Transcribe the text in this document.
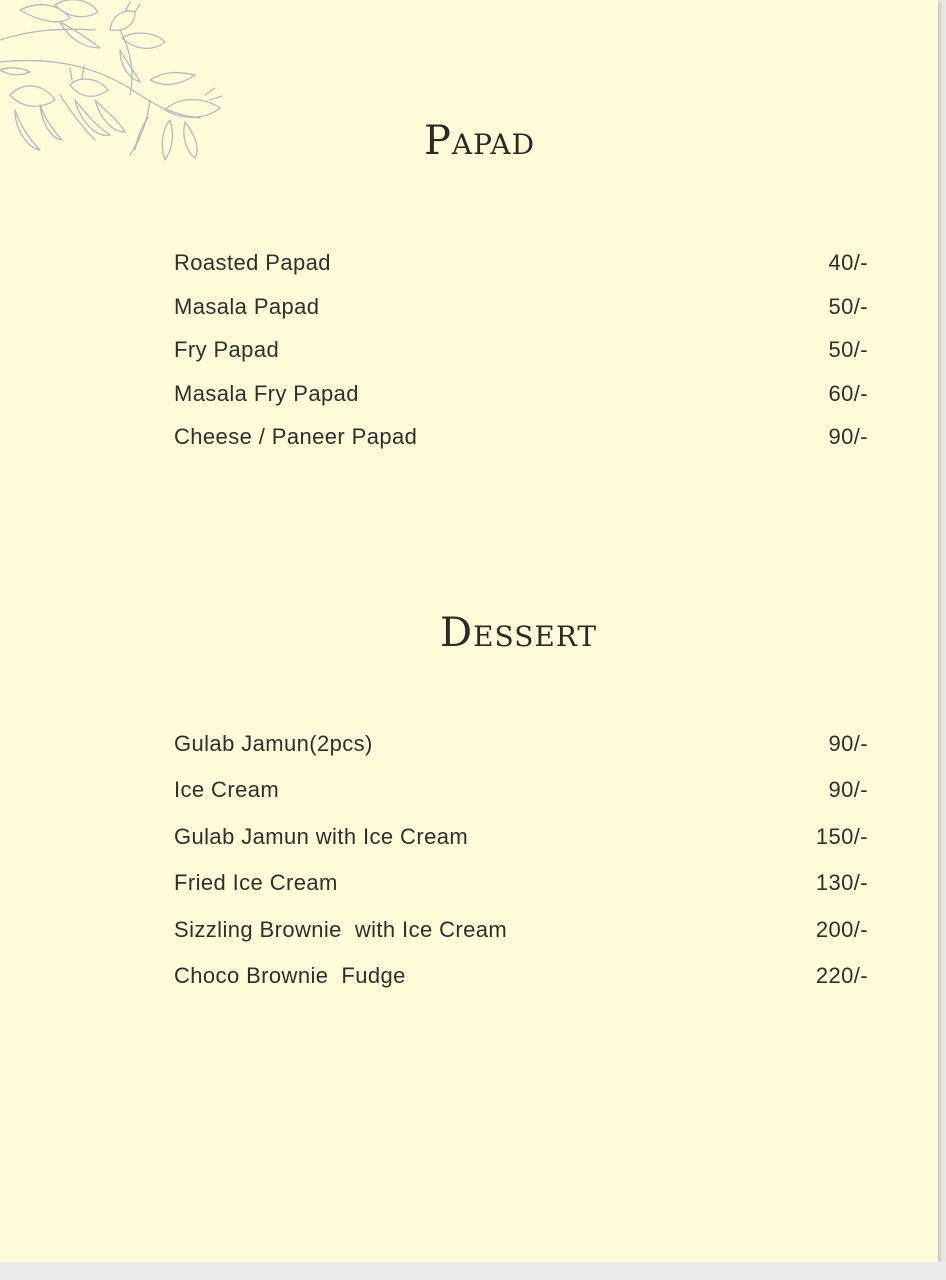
Papad
Roasted Papad	40/-
Masala Papad	50/-
Fry Papad	50/-
Masala Fry Papad	60/-
Cheese / Paneer Papad	90/-
Dessert
Gulab Jamun(2pcs)	90/-
Ice Cream	90/-
Gulab Jamun with Ice Cream	150/-
Fried Ice Cream	130/-
Sizzling Brownie  with Ice Cream	200/-
Choco Brownie  Fudge	220/-
